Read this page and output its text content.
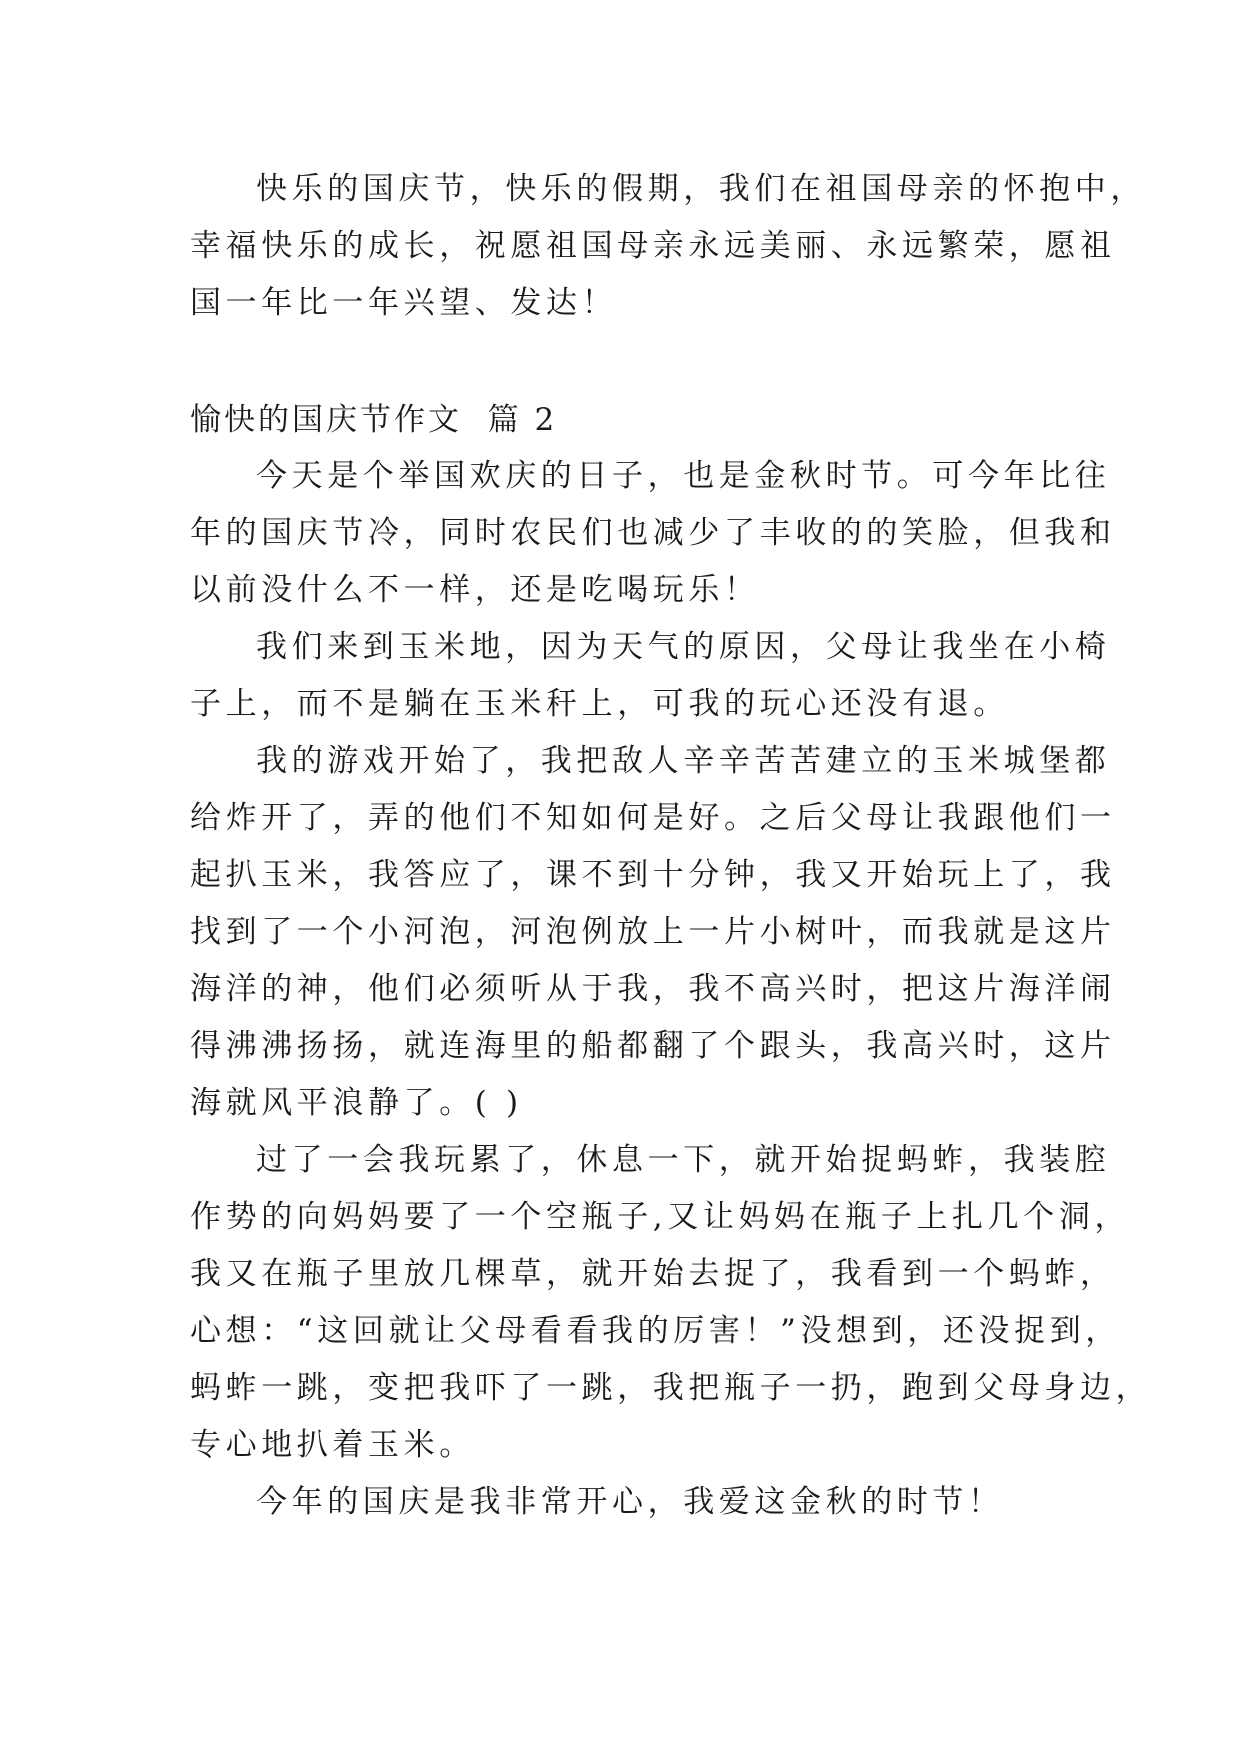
快乐的国庆节，快乐的假期，我们在祖国母亲的怀抱中，
幸福快乐的成长，祝愿祖国母亲永远美丽、永远繁荣，愿祖
国一年比一年兴望、发达！
愉快的国庆节作文  篇 2
今天是个举国欢庆的日子，也是金秋时节。可今年比往
年的国庆节冷，同时农民们也减少了丰收的的笑脸，但我和
以前没什么不一样，还是吃喝玩乐！
我们来到玉米地，因为天气的原因，父母让我坐在小椅
子上，而不是躺在玉米秆上，可我的玩心还没有退。
我的游戏开始了，我把敌人辛辛苦苦建立的玉米城堡都
给炸开了，弄的他们不知如何是好。之后父母让我跟他们一
起扒玉米，我答应了，课不到十分钟，我又开始玩上了，我
找到了一个小河泡，河泡例放上一片小树叶，而我就是这片
海洋的神，他们必须听从于我，我不高兴时，把这片海洋闹
得沸沸扬扬，就连海里的船都翻了个跟头，我高兴时，这片
海就风平浪静了。( )
过了一会我玩累了，休息一下，就开始捉蚂蚱，我装腔
作势的向妈妈要了一个空瓶子,又让妈妈在瓶子上扎几个洞，
我又在瓶子里放几棵草，就开始去捉了，我看到一个蚂蚱，
心想：“这回就让父母看看我的厉害！”没想到，还没捉到，
蚂蚱一跳，变把我吓了一跳，我把瓶子一扔，跑到父母身边，
专心地扒着玉米。
今年的国庆是我非常开心，我爱这金秋的时节！
